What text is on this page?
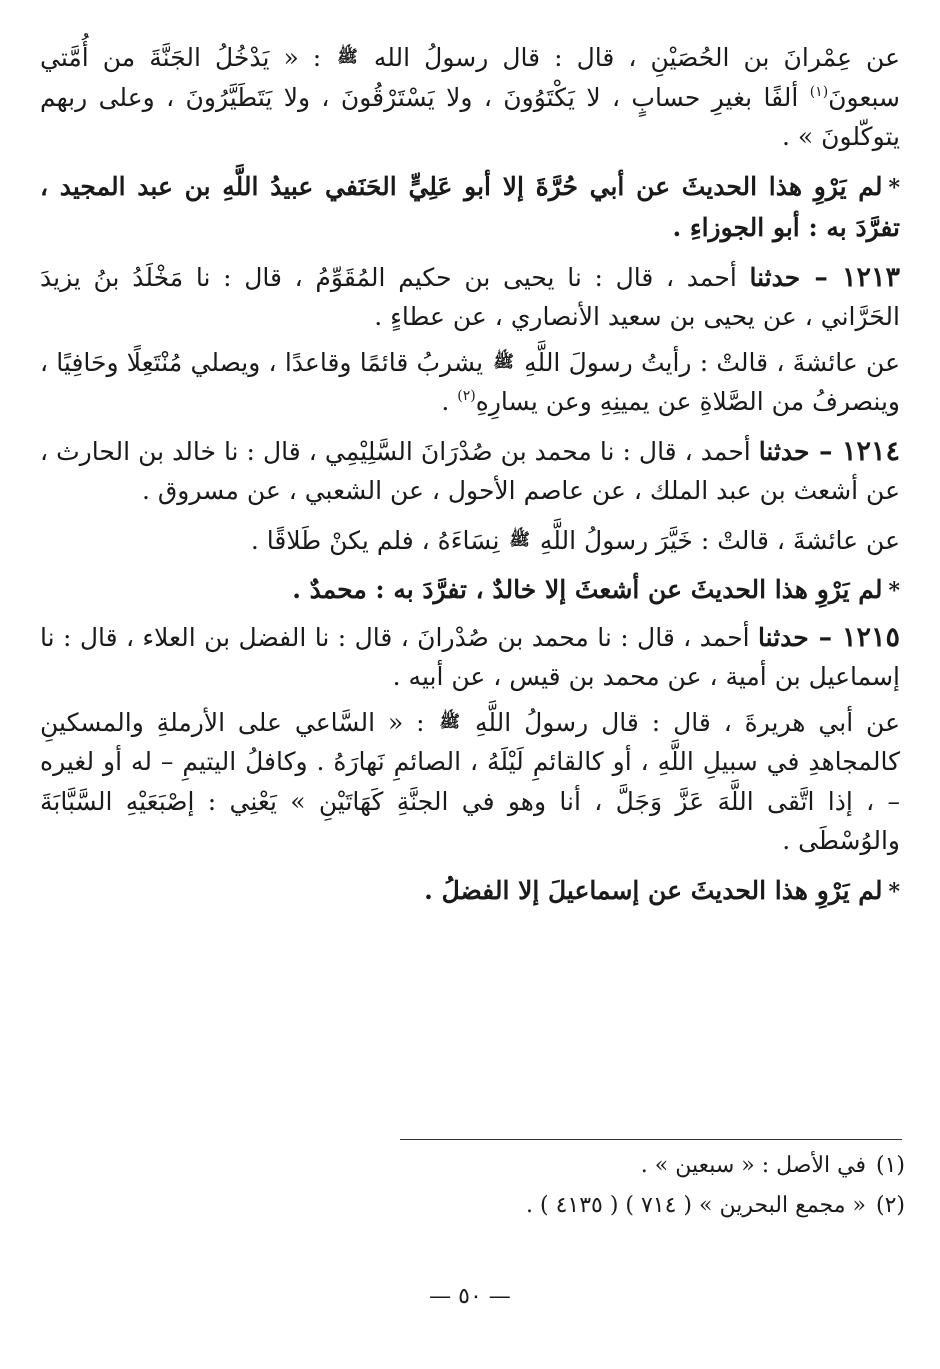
عن عِمْرانَ بن الحُصَيْنِ ، قال : قال رسولُ الله ﷺ : « يَدْخُلُ الجَنَّةَ من أُمَّتي سبعونَ$^{(١)}$ ألفًا بغيرِ حسابٍ ، لا يَكْتَوُونَ ، ولا يَسْتَرْقُونَ ، ولا يَتَطَيَّرُونَ ، وعلى ربهم يتوكّلونَ » .
*لم يَرْوِ هذا الحديثَ عن أبي حُرَّةَ إلا أبو عَلِيٍّ الحَنَفي عبيدُ اللَّهِ بن عبد المجيد ، تفرَّدَ به : أبو الجوزاءِ .
١٢١٣ – حدثنا أحمد ، قال : نا يحيى بن حكيم المُقَوِّمُ ، قال : نا مَخْلَدُ بنُ يزيدَ الحَرَّاني ، عن يحيى بن سعيد الأنصاري ، عن عطاءٍ .
عن عائشةَ ، قالتْ : رأيتُ رسولَ اللَّهِ ﷺ يشربُ قائمًا وقاعدًا ، ويصلي مُنْتَعِلًا وحَافِيًا ، وينصرفُ من الصَّلاةِ عن يمينِهِ وعن يسارِهِ$^{(٢)}$ .
١٢١٤ – حدثنا أحمد ، قال : نا محمد بن صُدْرَانَ السَّلِيْمِي ، قال : نا خالد بن الحارث ، عن أشعث بن عبد الملك ، عن عاصم الأحول ، عن الشعبي ، عن مسروق .
عن عائشةَ ، قالتْ : خَيَّرَ رسولُ اللَّهِ ﷺ نِسَاءَهُ ، فلم يكنْ طَلاقًا .
*لم يَرْوِ هذا الحديثَ عن أشعثَ إلا خالدٌ ، تفرَّدَ به : محمدٌ .
١٢١٥ – حدثنا أحمد ، قال : نا محمد بن صُدْرانَ ، قال : نا الفضل بن العلاء ، قال : نا إسماعيل بن أمية ، عن محمد بن قيس ، عن أبيه .
عن أبي هريرةَ ، قال : قال رسولُ اللَّهِ ﷺ : « السَّاعي على الأرملةِ والمسكينِ كالمجاهدِ في سبيلِ اللَّهِ ، أو كالقائمِ لَيْلَهُ ، الصائمِ نَهارَهُ . وكافلُ اليتيمِ – له أو لغيره – ، إذا اتَّقى اللَّهَ عَزَّ وَجَلَّ ، أنا وهو في الجنَّةِ كَهَاتَيْنِ » يَعْنِي : إصْبَعَيْهِ السَّبَّابَةَ والوُسْطَى .
*لم يَرْوِ هذا الحديثَ عن إسماعيلَ إلا الفضلُ .
(١)في الأصل : « سبعين » .
(٢)« مجمع البحرين » ( ٧١٤ ) ( ٤١٣٥ ) .
— ٥٠ —
